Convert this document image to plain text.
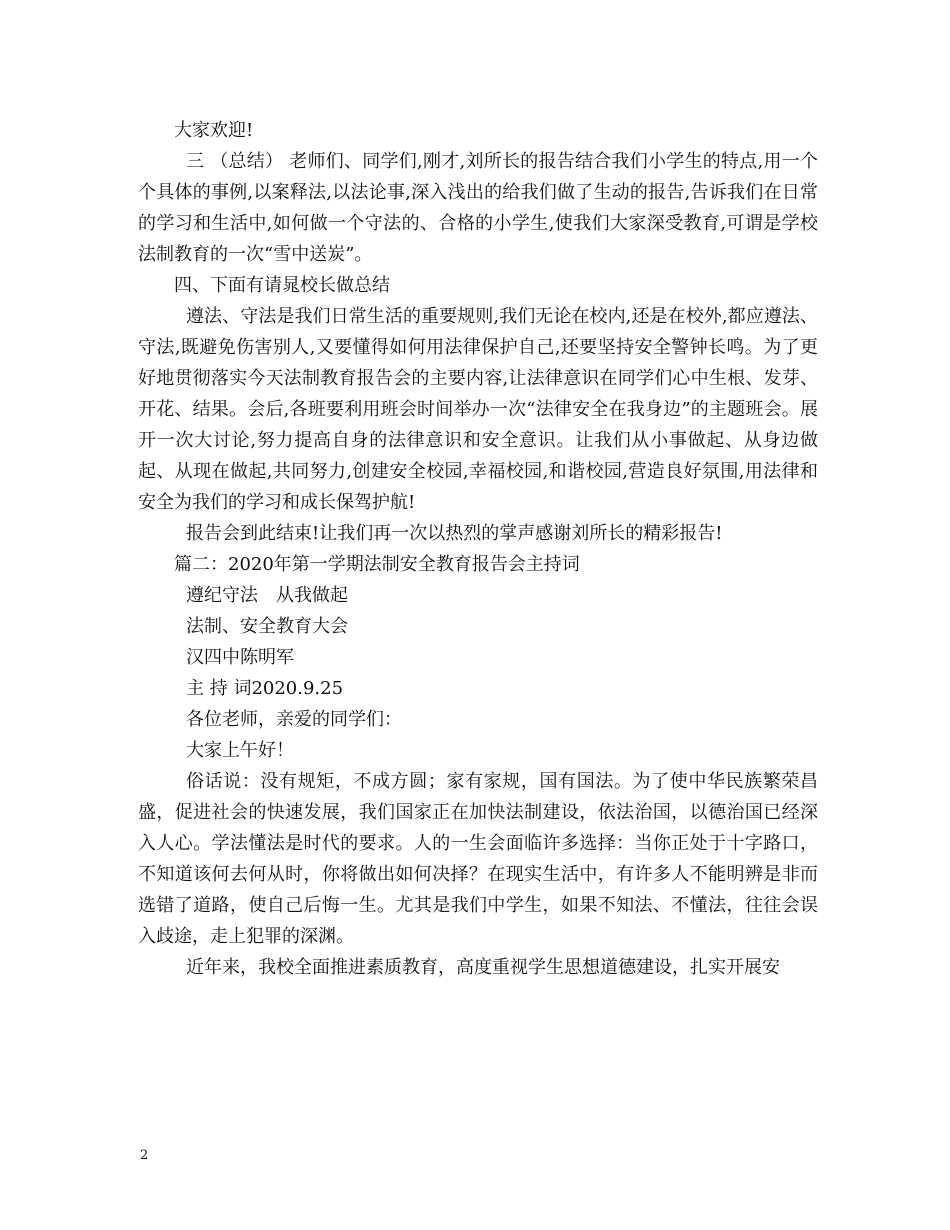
大家欢迎!

三 （总结） 老师们、同学们,刚才,刘所长的报告结合我们小学生的特点,用一个个具体的事例,以案释法,以法论事,深入浅出的给我们做了生动的报告,告诉我们在日常的学习和生活中,如何做一个守法的、合格的小学生,使我们大家深受教育,可谓是学校法制教育的一次“雪中送炭”。

四、下面有请晁校长做总结

遵法、守法是我们日常生活的重要规则,我们无论在校内,还是在校外,都应遵法、守法,既避免伤害别人,又要懂得如何用法律保护自己,还要坚持安全警钟长鸣。为了更好地贯彻落实今天法制教育报告会的主要内容,让法律意识在同学们心中生根、发芽、开花、结果。会后,各班要利用班会时间举办一次“法律安全在我身边”的主题班会。展开一次大讨论,努力提高自身的法律意识和安全意识。让我们从小事做起、从身边做起、从现在做起,共同努力,创建安全校园,幸福校园,和谐校园,营造良好氛围,用法律和安全为我们的学习和成长保驾护航!

报告会到此结束!让我们再一次以热烈的掌声感谢刘所长的精彩报告!

篇二：2020年第一学期法制安全教育报告会主持词

遵纪守法　从我做起

法制、安全教育大会

汉四中陈明军

主 持 词2020.9.25

各位老师，亲爱的同学们：

大家上午好！

俗话说：没有规矩，不成方圆；家有家规，国有国法。为了使中华民族繁荣昌盛，促进社会的快速发展，我们国家正在加快法制建设，依法治国，以德治国已经深入人心。学法懂法是时代的要求。人的一生会面临许多选择：当你正处于十字路口，不知道该何去何从时，你将做出如何决择？在现实生活中，有许多人不能明辨是非而选错了道路，使自己后悔一生。尤其是我们中学生，如果不知法、不懂法，往往会误入歧途，走上犯罪的深渊。

近年来，我校全面推进素质教育，高度重视学生思想道德建设，扎实开展安

2
